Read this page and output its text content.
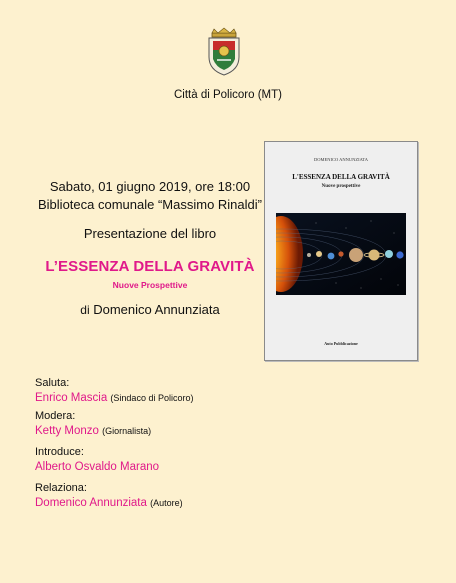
Città di Policoro (MT)
Sabato, 01 giugno 2019, ore 18:00
Biblioteca comunale “Massimo Rinaldi”
Presentazione del libro
L’ESSENZA DELLA GRAVITÀ
Nuove Prospettive
di Domenico Annunziata
DOMENICO ANNUNZIATA
L'ESSENZA DELLA GRAVITÀ
Nuove prospettive
Auto Pubblicazione
Saluta:
Enrico Mascia (Sindaco di Policoro)
Modera:
Ketty Monzo (Giornalista)
Introduce:
Alberto Osvaldo Marano
Relaziona:
Domenico Annunziata (Autore)
